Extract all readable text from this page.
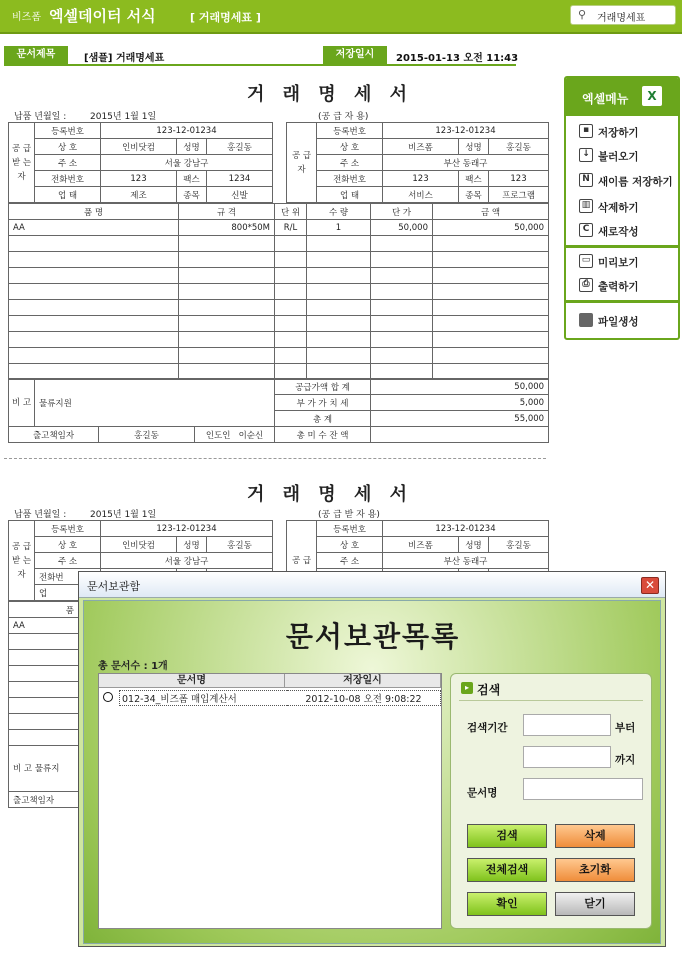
비즈폼 엑셀데이터 서식	[ 거래명세표 ]	⚲ 거래명세표
문서제목	[샘플] 거래명세표	저장일시	2015-01-13 오전 11:43
거 래 명 세 서
납품 년월일 :	2015년 1월 1일	(공 급 자 용)
공 급 받 는 자	등록번호	123-12-01234				공 급 자	등록번호	123-12-01234		
	상 호	인비닷컴	성명	홍길동			상 호	비즈폼	성명	홍길동
	주 소	서울 강남구					주 소	부산 동래구		
	전화번호	123	팩스	1234			전화번호	123	팩스	123
	업 태	제조	종목	신발			업 태	서비스	종목	프로그램
품 명	규 격	단 위	수 량	단 가	금 액
AA	800*50M	R/L	1	50,000	50,000

비 고	물류지원			공급가액 합 계	50,000
				부 가 가 치 세	5,000
				총 계	55,000
출고책임자		홍길동	인도인 이순신	총 미 수 잔 액	
거 래 명 세 서
납품 년월일 :	2015년 1월 1일	(공 급 받 자 용)
공 급 받 는 자	등록번호	123-12-01234				공 급	등록번호	123-12-01234		
	상 호	인비닷컴	성명	홍길동			상 호	비즈폼	성명	홍길동
	주 소	서울 강남구					주 소	부산 동래구		
	전화번									
	업									
품
AA

비 고 물류지
출고책임자
엑셀메뉴	X
▪ 저장하기
↓ 불러오기
N 새이름 저장하기
▥ 삭제하기
C 새로작성
▭ 미리보기
⎙ 출력하기
파일생성
문서보관함	✕
문서보관목록
총 문서수 : 1개
문서명	저장일시
012-34_비즈폼 매입계산서	2012-10-08 오전 9:08:22
▸ 검색
검색기간	부터
까지
문서명
검색	삭제
전체검색	초기화
확인	닫기
